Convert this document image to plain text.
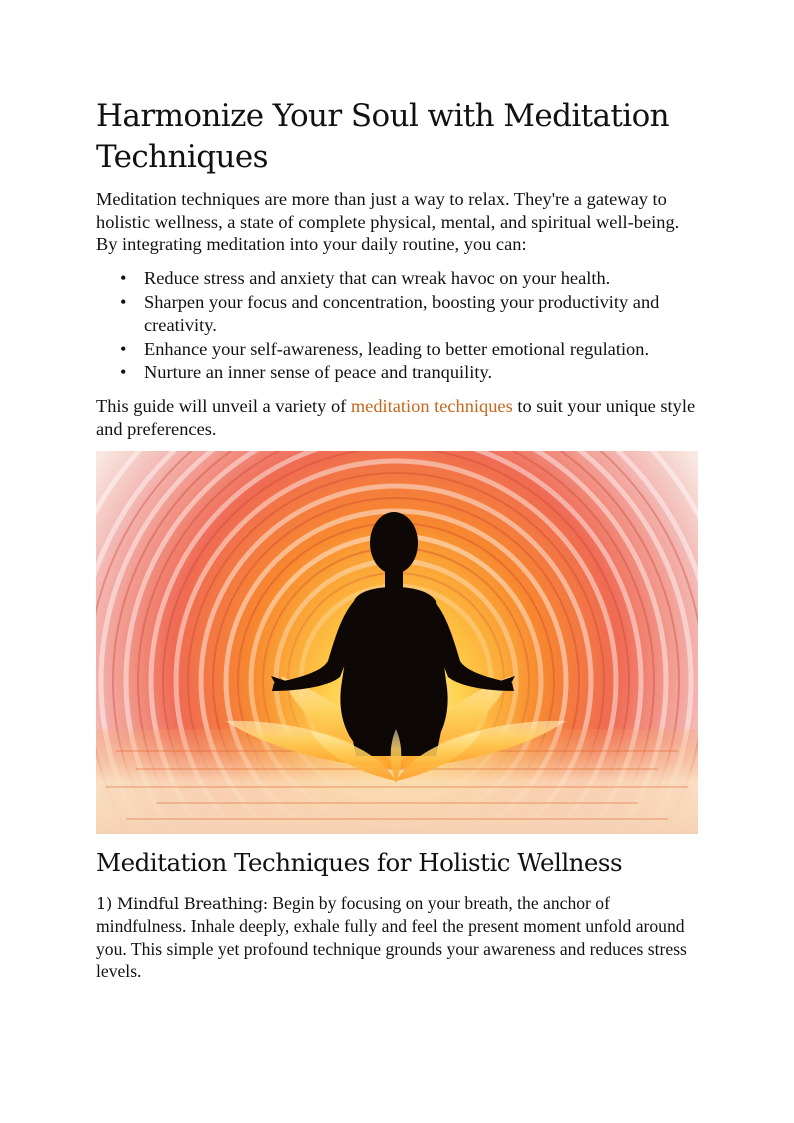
Harmonize Your Soul with Meditation Techniques

Meditation techniques are more than just a way to relax. They're a gateway to holistic wellness, a state of complete physical, mental, and spiritual well-being. By integrating meditation into your daily routine, you can:

• Reduce stress and anxiety that can wreak havoc on your health.
• Sharpen your focus and concentration, boosting your productivity and creativity.
• Enhance your self-awareness, leading to better emotional regulation.
• Nurture an inner sense of peace and tranquility.

This guide will unveil a variety of meditation techniques to suit your unique style and preferences.

Meditation Techniques for Holistic Wellness

1) Mindful Breathing: Begin by focusing on your breath, the anchor of mindfulness. Inhale deeply, exhale fully and feel the present moment unfold around you. This simple yet profound technique grounds your awareness and reduces stress levels.
